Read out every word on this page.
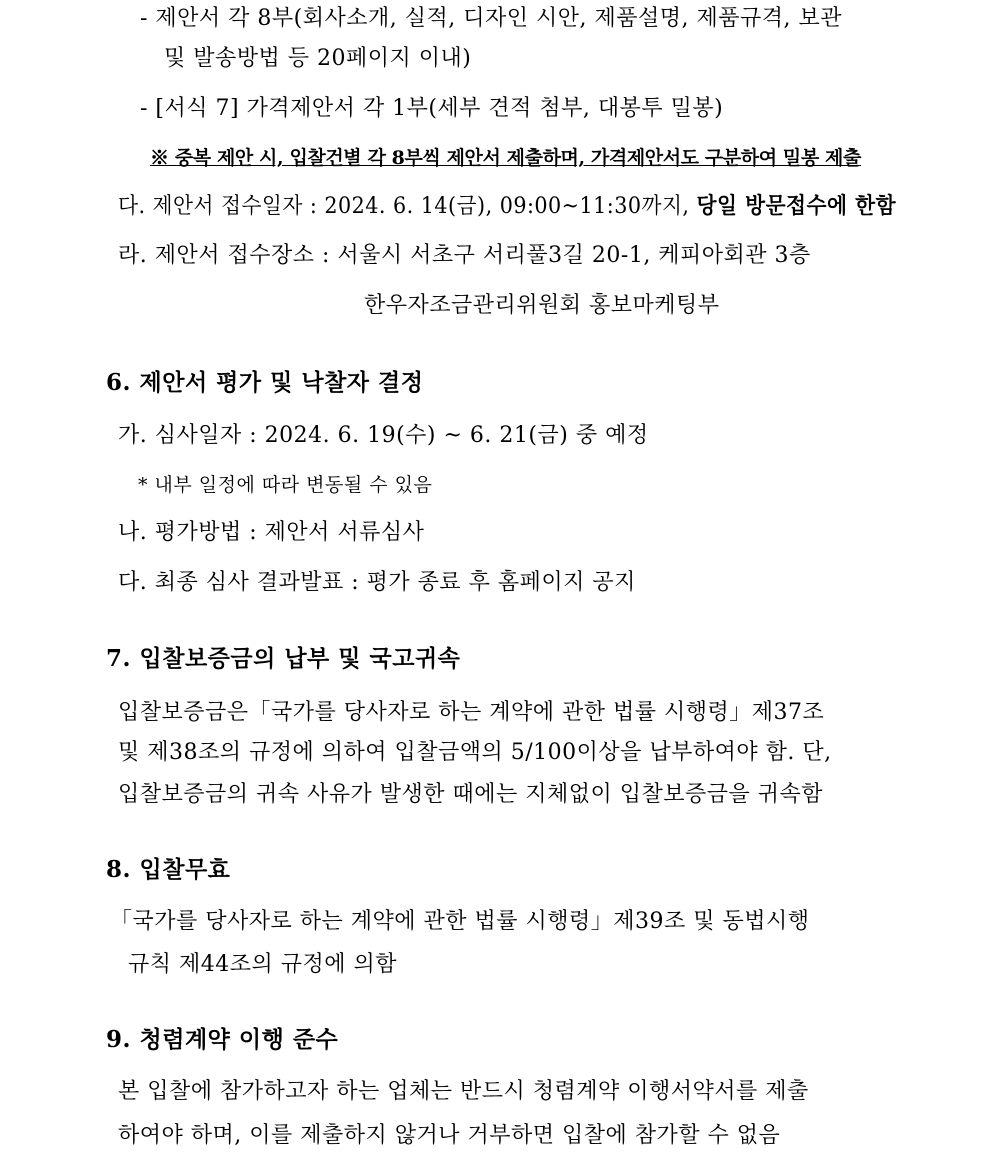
- 제안서 각 8부(회사소개, 실적, 디자인 시안, 제품설명, 제품규격, 보관
및 발송방법 등 20페이지 이내)
- [서식 7] 가격제안서 각 1부(세부 견적 첨부, 대봉투 밀봉)
※ 중복 제안 시, 입찰건별 각 8부씩 제안서 제출하며, 가격제안서도 구분하여 밀봉 제출
다. 제안서 접수일자 : 2024. 6. 14(금), 09:00~11:30까지, 당일 방문접수에 한함
라. 제안서 접수장소 : 서울시 서초구 서리풀3길 20-1, 케피아회관 3층
한우자조금관리위원회 홍보마케팅부
6. 제안서 평가 및 낙찰자 결정
가. 심사일자 : 2024. 6. 19(수) ~ 6. 21(금) 중 예정
* 내부 일정에 따라 변동될 수 있음
나. 평가방법 : 제안서 서류심사
다. 최종 심사 결과발표 : 평가 종료 후 홈페이지 공지
7. 입찰보증금의 납부 및 국고귀속
입찰보증금은「국가를 당사자로 하는 계약에 관한 법률 시행령」제37조
및 제38조의 규정에 의하여 입찰금액의 5/100이상을 납부하여야 함. 단,
입찰보증금의 귀속 사유가 발생한 때에는 지체없이 입찰보증금을 귀속함
8. 입찰무효
「국가를 당사자로 하는 계약에 관한 법률 시행령」제39조 및 동법시행
규칙 제44조의 규정에 의함
9. 청렴계약 이행 준수
본 입찰에 참가하고자 하는 업체는 반드시 청렴계약 이행서약서를 제출
하여야 하며, 이를 제출하지 않거나 거부하면 입찰에 참가할 수 없음
